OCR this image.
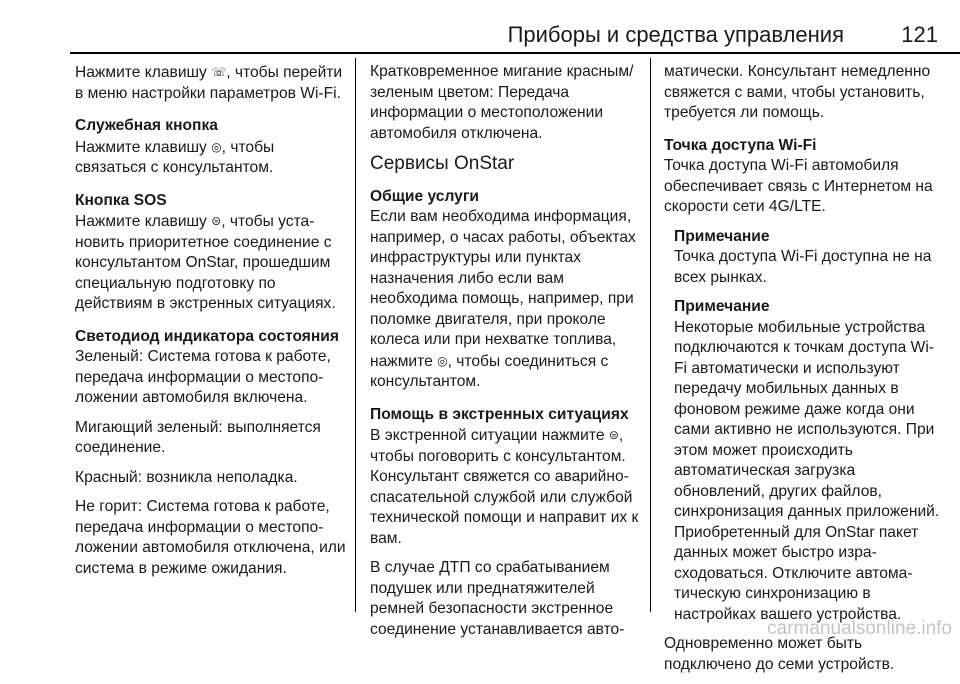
Приборы и средства управления	121

Нажмите клавишу ☏, чтобы перейти в меню настройки параметров Wi-Fi.

Служебная кнопка

Нажмите клавишу ◎, чтобы связаться с консультантом.

Кнопка SOS

Нажмите клавишу ⊜, чтобы установить приоритетное соединение с консультантом OnStar, прошедшим специальную подготовку по действиям в экстренных ситуациях.

Светодиод индикатора состояния

Зеленый: Система готова к работе, передача информации о местоположении автомобиля включена.

Мигающий зеленый: выполняется соединение.

Красный: возникла неполадка.

Не горит: Система готова к работе, передача информации о местоположении автомобиля отключена, или система в режиме ожидания.

Кратковременное мигание красным/зеленым цветом: Передача информации о местоположении автомобиля отключена.

Сервисы OnStar
Общие услуги

Если вам необходима информация, например, о часах работы, объектах инфраструктуры или пунктах назначения либо если вам необходима помощь, например, при поломке двигателя, при проколе колеса или при нехватке топлива, нажмите ◎, чтобы соединиться с консультантом.

Помощь в экстренных ситуациях

В экстренной ситуации нажмите ⊜, чтобы поговорить с консультантом. Консультант свяжется со аварийно-спасательной службой или службой технической помощи и направит их к вам.

В случае ДТП со срабатыванием подушек или преднатяжителей ремней безопасности экстренное соединение устанавливается авто-

матически. Консультант немедленно свяжется с вами, чтобы установить, требуется ли помощь.

Точка доступа Wi-Fi

Точка доступа Wi-Fi автомобиля обеспечивает связь с Интернетом на скорости сети 4G/LTE.

Примечание

Точка доступа Wi-Fi доступна не на всех рынках.

Примечание

Некоторые мобильные устройства подключаются к точкам доступа Wi-Fi автоматически и используют передачу мобильных данных в фоновом режиме даже когда они сами активно не используются. При этом может происходить автоматическая загрузка обновлений, других файлов, синхронизация данных приложений. Приобретенный для OnStar пакет данных может быстро израсходоваться. Отключите автоматическую синхронизацию в настройках вашего устройства.

Одновременно может быть подключено до семи устройств.

carmanualsonline.info
